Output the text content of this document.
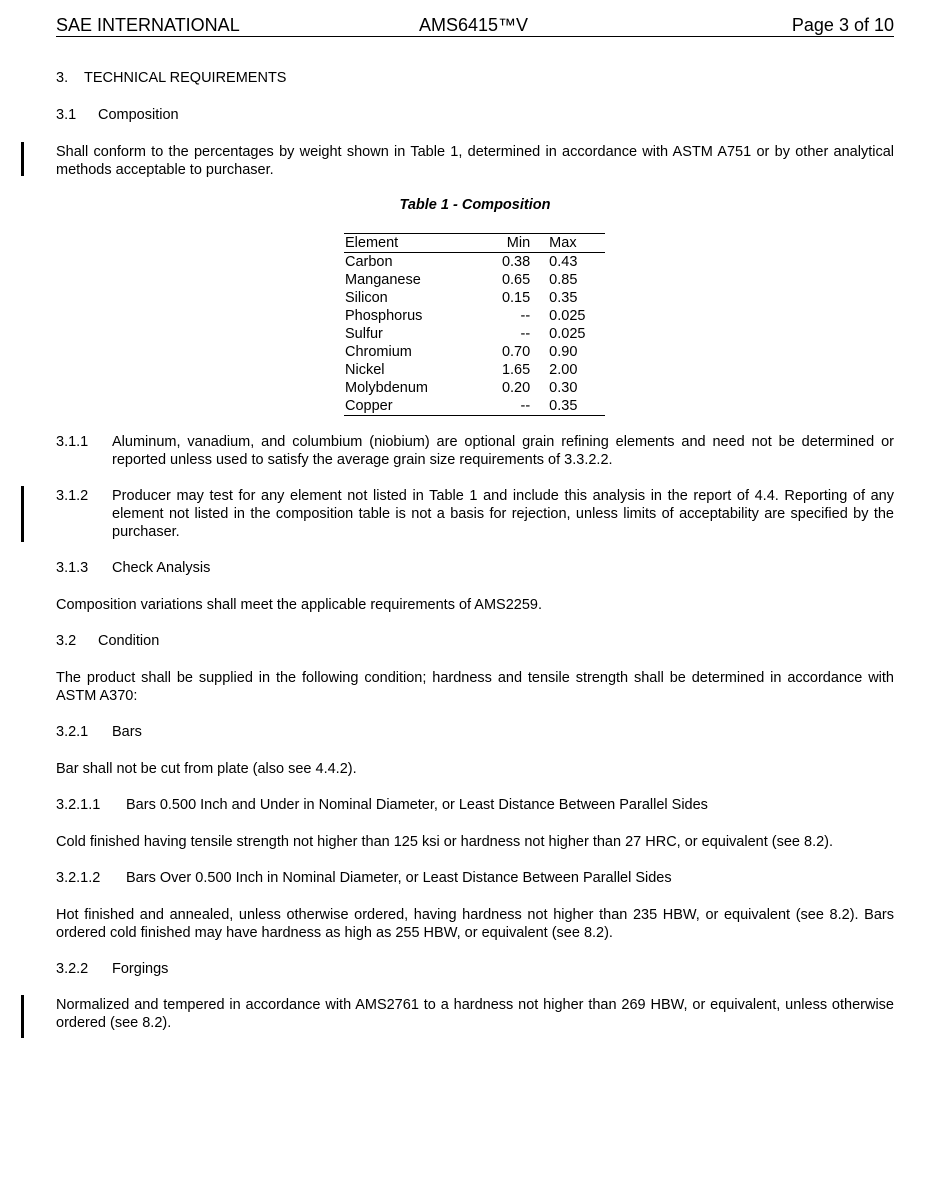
SAE INTERNATIONAL	AMS6415™V	Page 3 of 10
3. TECHNICAL REQUIREMENTS
3.1 Composition
Shall conform to the percentages by weight shown in Table 1, determined in accordance with ASTM A751 or by other analytical methods acceptable to purchaser.
Table 1 - Composition
Element	Min	Max
Carbon	0.38	0.43
Manganese	0.65	0.85
Silicon	0.15	0.35
Phosphorus	--	0.025
Sulfur	--	0.025
Chromium	0.70	0.90
Nickel	1.65	2.00
Molybdenum	0.20	0.30
Copper	--	0.35
3.1.1 Aluminum, vanadium, and columbium (niobium) are optional grain refining elements and need not be determined or reported unless used to satisfy the average grain size requirements of 3.3.2.2.
3.1.2 Producer may test for any element not listed in Table 1 and include this analysis in the report of 4.4. Reporting of any element not listed in the composition table is not a basis for rejection, unless limits of acceptability are specified by the purchaser.
3.1.3 Check Analysis
Composition variations shall meet the applicable requirements of AMS2259.
3.2 Condition
The product shall be supplied in the following condition; hardness and tensile strength shall be determined in accordance with ASTM A370:
3.2.1 Bars
Bar shall not be cut from plate (also see 4.4.2).
3.2.1.1 Bars 0.500 Inch and Under in Nominal Diameter, or Least Distance Between Parallel Sides
Cold finished having tensile strength not higher than 125 ksi or hardness not higher than 27 HRC, or equivalent (see 8.2).
3.2.1.2 Bars Over 0.500 Inch in Nominal Diameter, or Least Distance Between Parallel Sides
Hot finished and annealed, unless otherwise ordered, having hardness not higher than 235 HBW, or equivalent (see 8.2). Bars ordered cold finished may have hardness as high as 255 HBW, or equivalent (see 8.2).
3.2.2 Forgings
Normalized and tempered in accordance with AMS2761 to a hardness not higher than 269 HBW, or equivalent, unless otherwise ordered (see 8.2).
